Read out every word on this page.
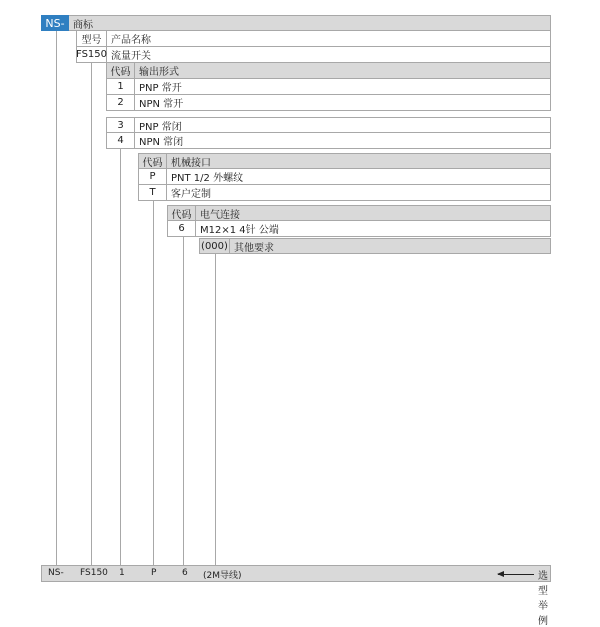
NS- 商标
型号 产品名称
FS150 流量开关
代码 输出形式
1	PNP 常开
2	NPN 常开
3	PNP 常闭
4	NPN 常闭
代码 机械接口
P	PNT 1/2 外螺纹
T	客户定制
代码 电气连接
6	M12×1 4针 公端
(000) 其他要求
NS- FS150 1	P	6 (2M导线)	选型举例
